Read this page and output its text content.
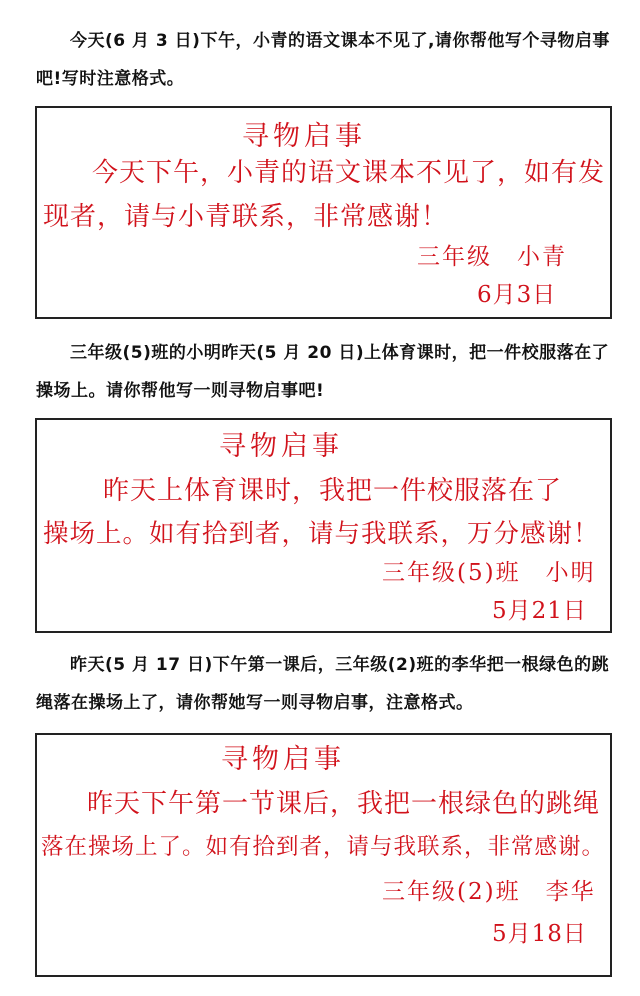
今天(6 月 3 日)下午，小青的语文课本不见了,请你帮他写个寻物启事吧!写时注意格式。

寻物启事
今天下午，小青的语文课本不见了，如有发
现者，请与小青联系，非常感谢！
三年级　小青
6月3日

三年级(5)班的小明昨天(5 月 20 日)上体育课时，把一件校服落在了操场上。请你帮他写一则寻物启事吧!

寻物启事
昨天上体育课时，我把一件校服落在了
操场上。如有拾到者，请与我联系，万分感谢！
三年级(5)班　小明
5月21日

昨天(5 月 17 日)下午第一课后，三年级(2)班的李华把一根绿色的跳绳落在操场上了，请你帮她写一则寻物启事，注意格式。

寻物启事
昨天下午第一节课后，我把一根绿色的跳绳
落在操场上了。如有拾到者，请与我联系，非常感谢。
三年级(2)班　李华
5月18日
